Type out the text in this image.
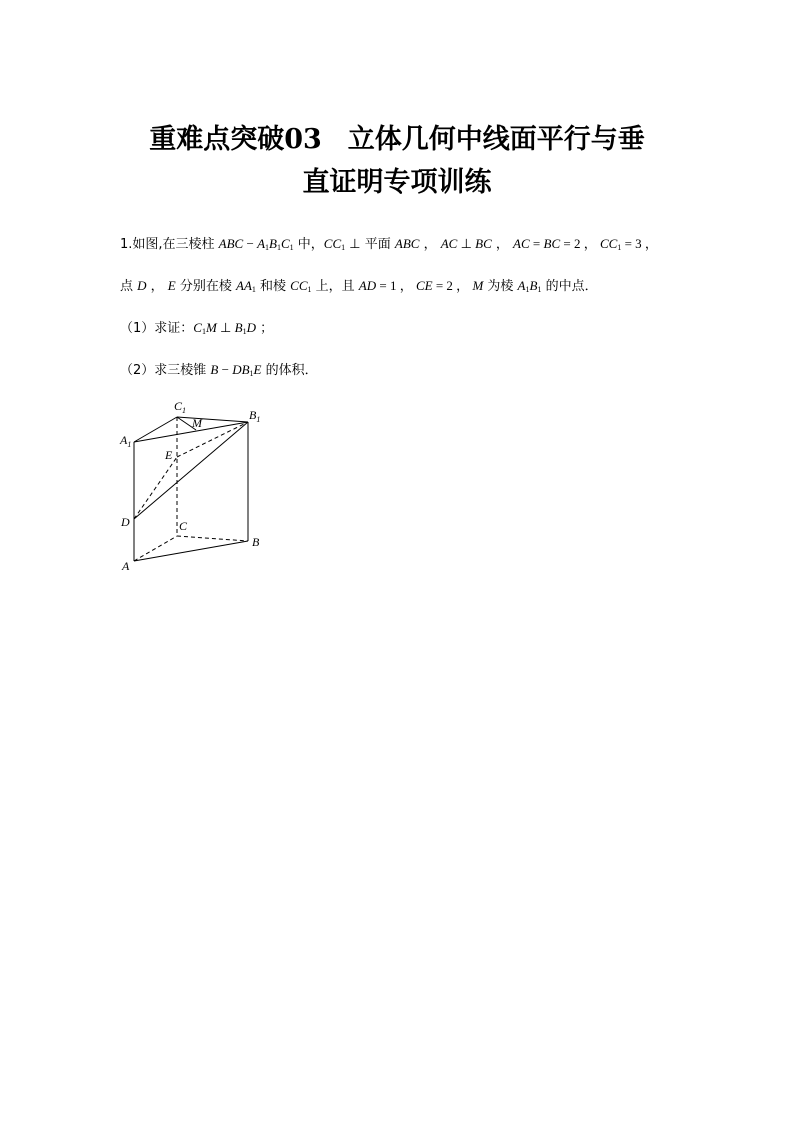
重难点突破03 立体几何中线面平行与垂
直证明专项训练
1.如图,在三棱柱 ABC − $A_1B_1C_1$ 中，$CC_1$ ⊥ 平面 ABC ， AC ⊥ BC ， AC = BC = 2 ， $CC_1 = 3$ ，
点 D ， E 分别在棱 $AA_1$ 和棱 $CC_1$ 上，且 AD = 1 ， CE = 2 ， M 为棱 $A_1B_1$ 的中点．
（1）求证：$C_1M$ ⊥ $B_1D$ ；
（2）求三棱锥 $B - DB_1E$ 的体积．
$C_1$	$B_1$
$A_1$
M
E
D	C
B
A
